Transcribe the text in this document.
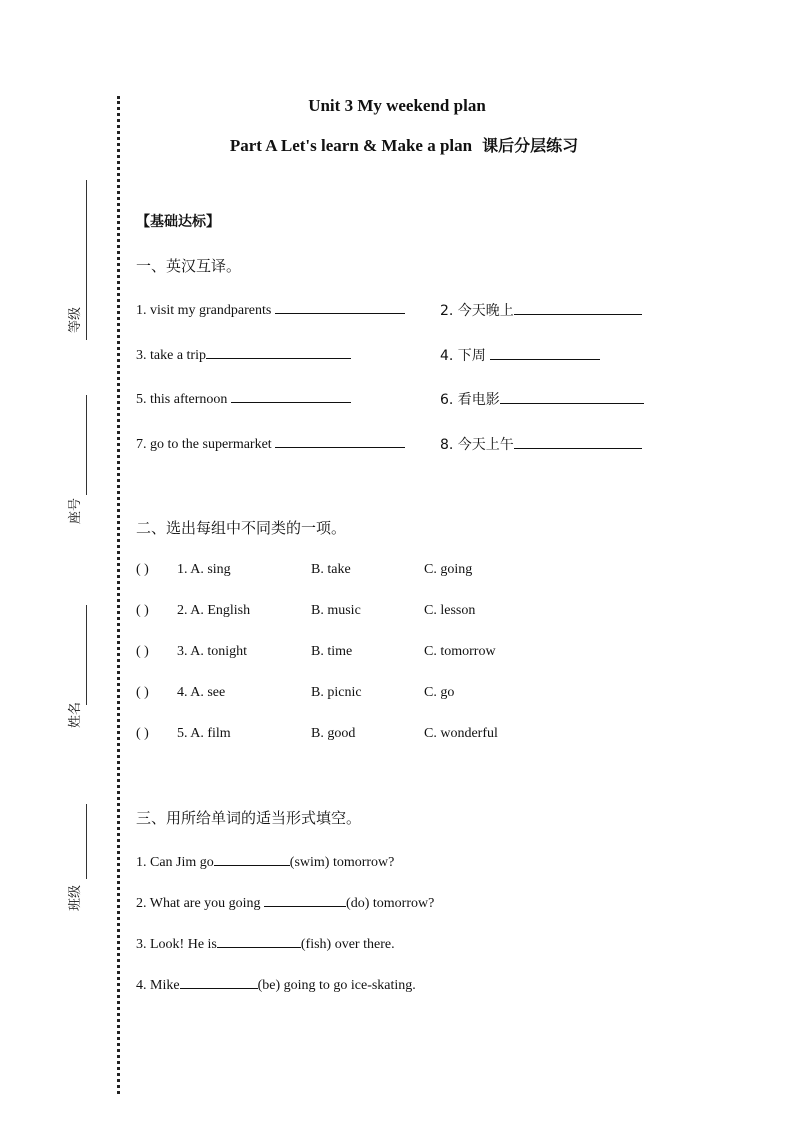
等级
座号
姓名
班级
Unit 3 My weekend plan
Part A Let's learn & Make a plan 课后分层练习
【基础达标】
一、英汉互译。
1. visit my grandparents	2. 今天晚上
3. take a trip	4. 下周
5. this afternoon	6. 看电影
7. go to the supermarket	8. 今天上午
二、选出每组中不同类的一项。
( ) 1. A. sing	B. take	C. going
( ) 2. A. English	B. music	C. lesson
( ) 3. A. tonight	B. time	C. tomorrow
( ) 4. A. see	B. picnic	C. go
( ) 5. A. film	B. good	C. wonderful
三、用所给单词的适当形式填空。
1. Can Jim go	(swim) tomorrow?
2. What are you going	(do) tomorrow?
3. Look! He is	(fish) over there.
4. Mike	(be) going to go ice-skating.
